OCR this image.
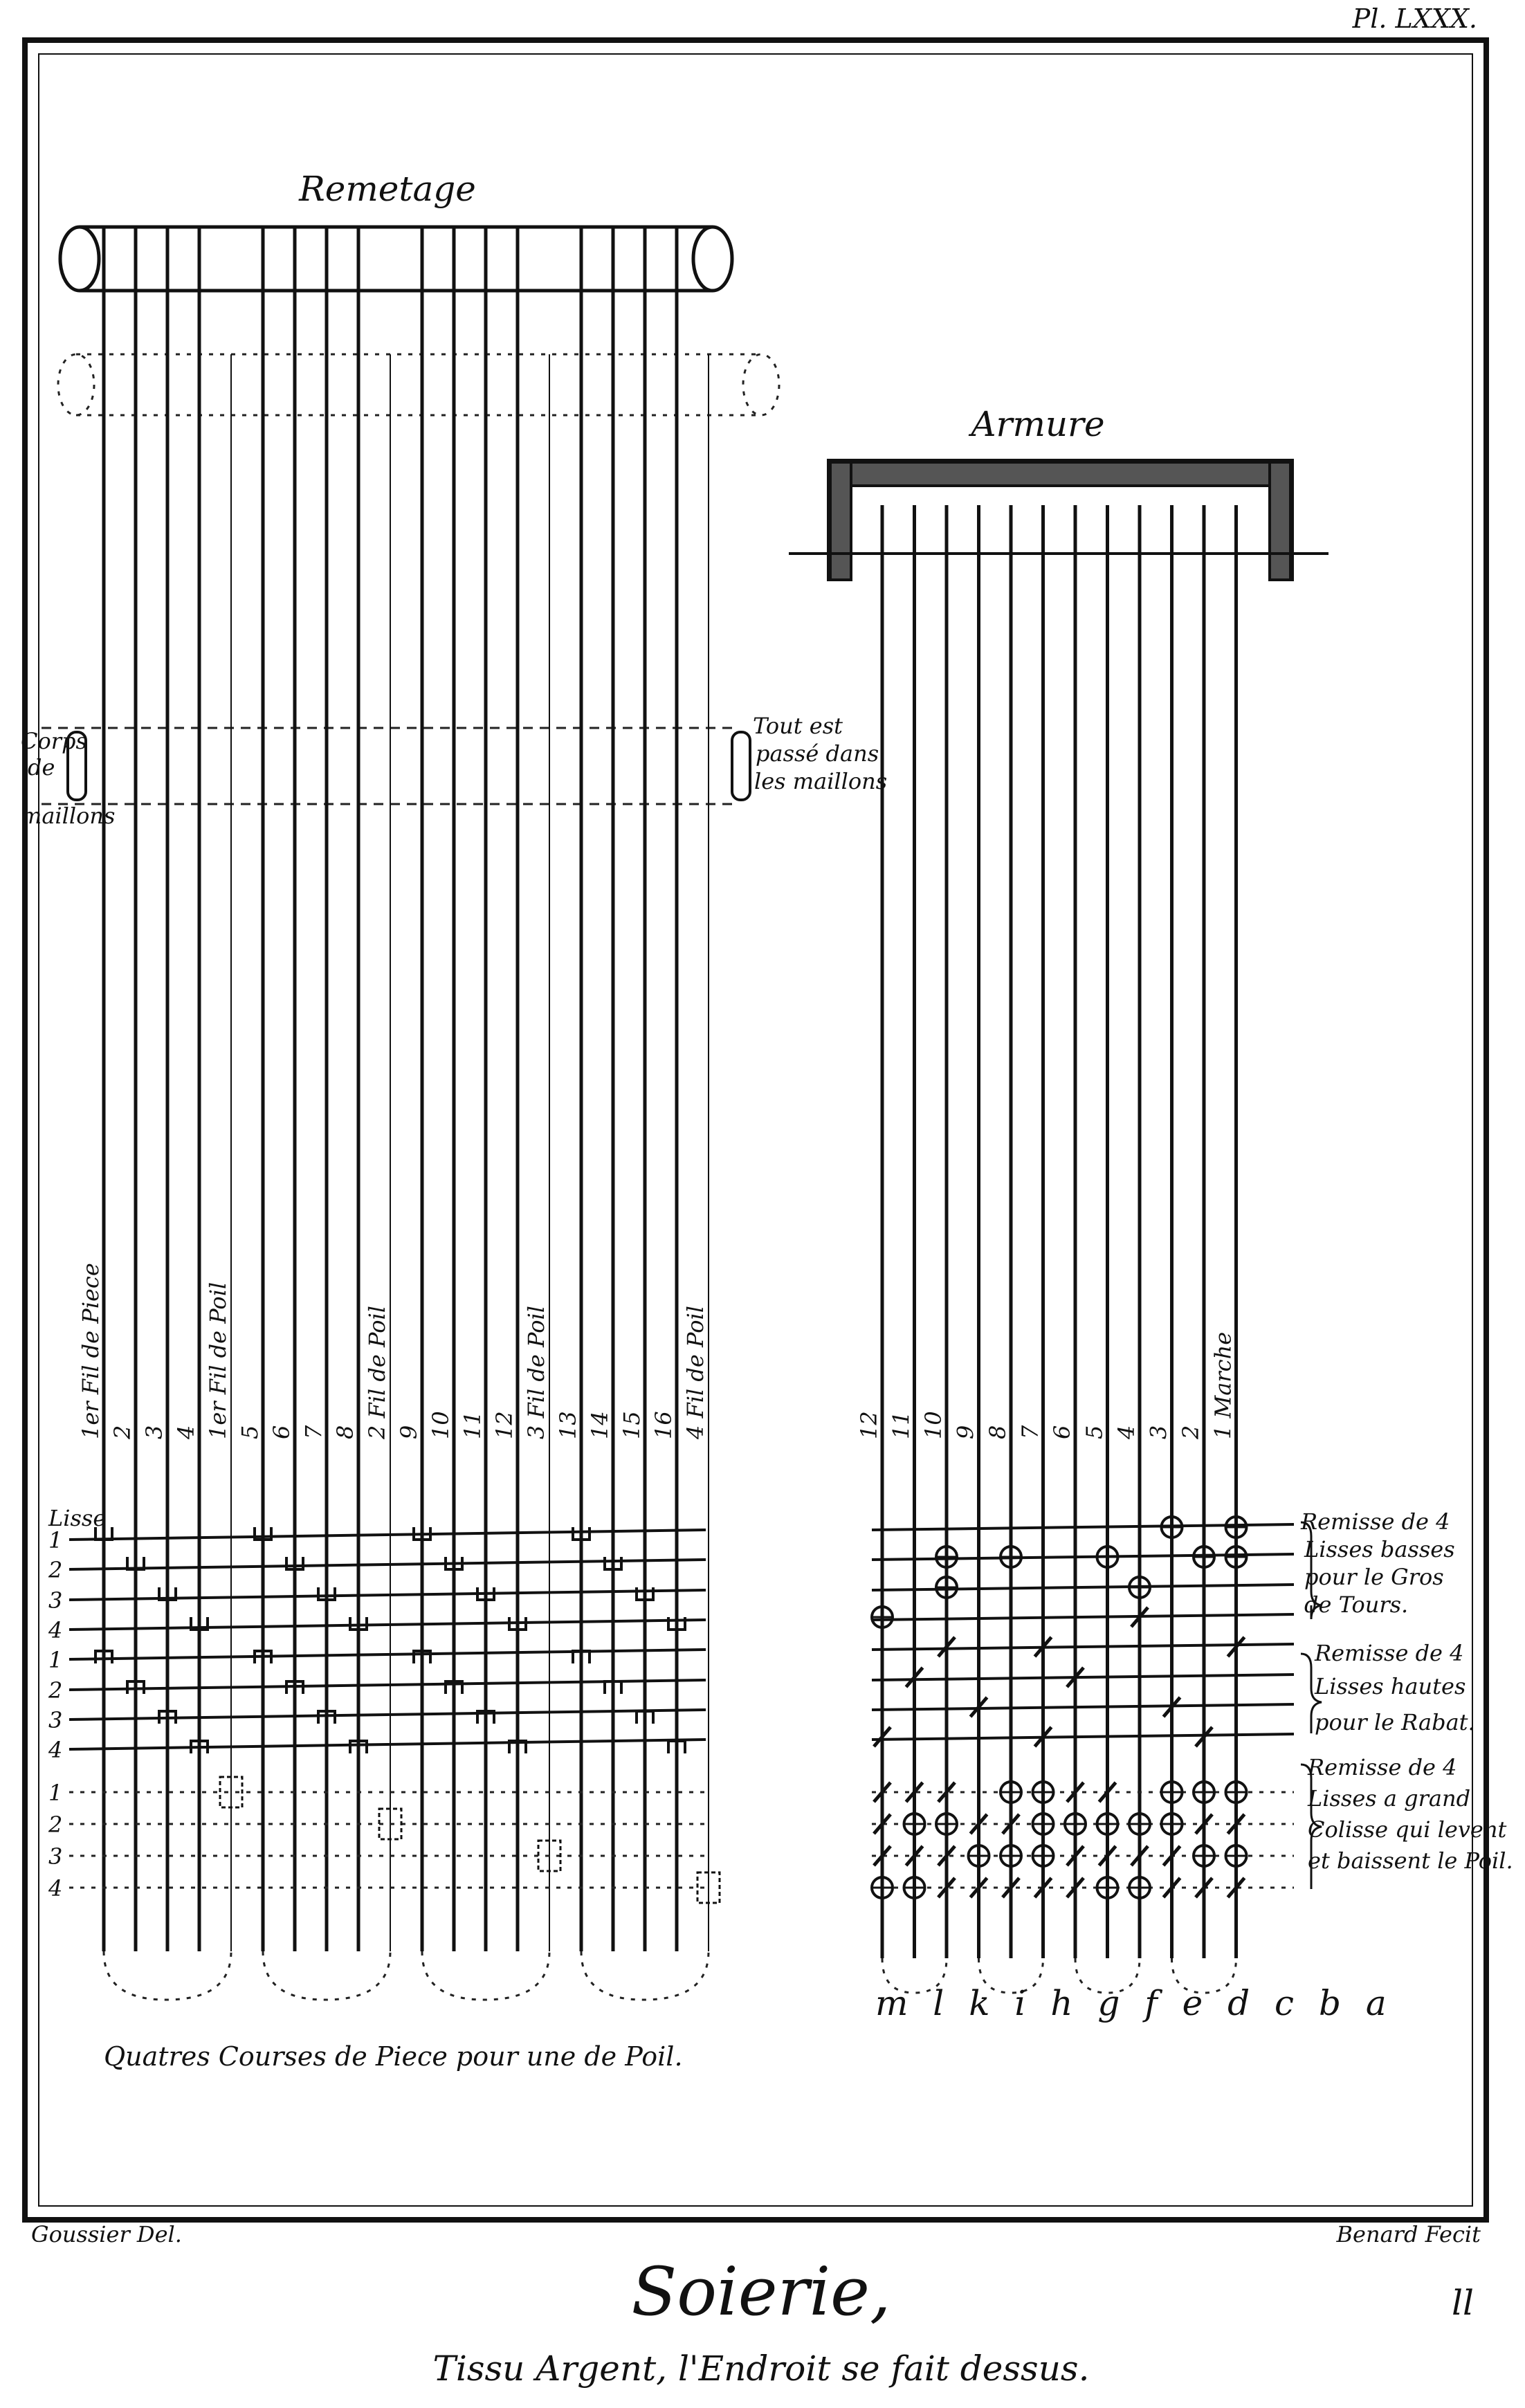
Pl. LXXX.
Remetage
Corps
de
maillons
Tout est
passé dans
les maillons
1er Fil de Piece 2 3 4 1er Fil de Poil 5 6 7 8 2 Fil de Poil 9 10 11 12 3 Fil de Poil 13 14 15 16 4 Fil de Poil
Lisse
1
2
3
4
1
2
3
4
1
2
3
4
Quatres Courses de Piece pour une de Poil.
Armure
12 11 10 9 8 7 6 5 4 3 2 1 Marche
m l k i h g f e d c b a
Remisse de 4
Lisses basses
pour le Gros
de Tours.
Remisse de 4
Lisses hautes
pour le Rabat.
Remisse de 4
Lisses a grand
Colisse qui levent
et baissent le Poil.
Goussier Del.	Benard Fecit
Soierie,
Tissu Argent, l'Endroit se fait dessus.
ll
